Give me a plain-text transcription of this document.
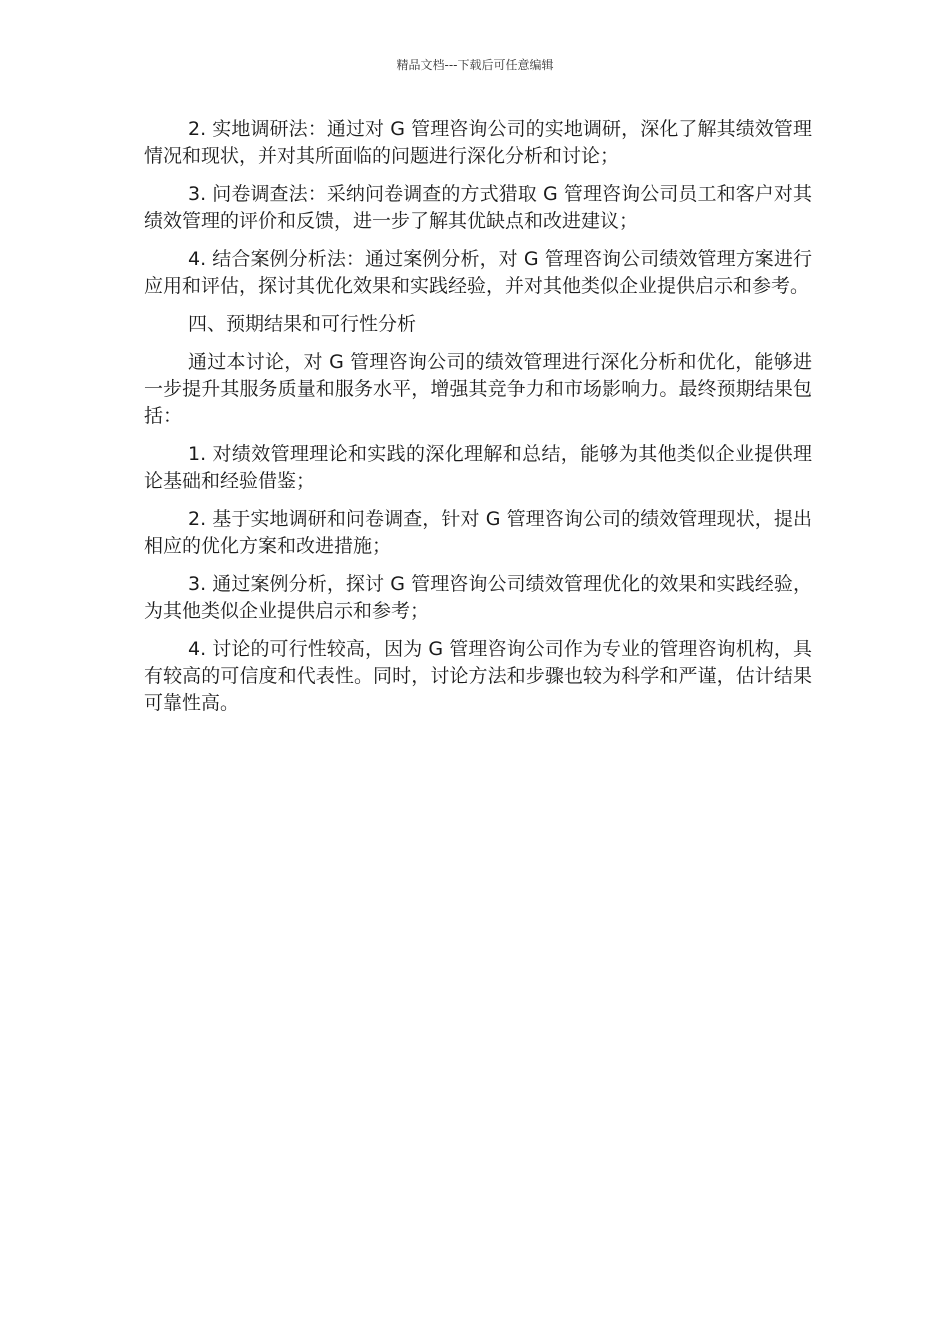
精品文档---下载后可任意编辑

2. 实地调研法：通过对 G 管理咨询公司的实地调研，深化了解其绩效管理情况和现状，并对其所面临的问题进行深化分析和讨论；

3. 问卷调查法：采纳问卷调查的方式猎取 G 管理咨询公司员工和客户对其绩效管理的评价和反馈，进一步了解其优缺点和改进建议；

4. 结合案例分析法：通过案例分析，对 G 管理咨询公司绩效管理方案进行应用和评估，探讨其优化效果和实践经验，并对其他类似企业提供启示和参考。

四、预期结果和可行性分析

通过本讨论，对 G 管理咨询公司的绩效管理进行深化分析和优化，能够进一步提升其服务质量和服务水平，增强其竞争力和市场影响力。最终预期结果包括：

1. 对绩效管理理论和实践的深化理解和总结，能够为其他类似企业提供理论基础和经验借鉴；

2. 基于实地调研和问卷调查，针对 G 管理咨询公司的绩效管理现状，提出相应的优化方案和改进措施；

3. 通过案例分析，探讨 G 管理咨询公司绩效管理优化的效果和实践经验，为其他类似企业提供启示和参考；

4. 讨论的可行性较高，因为 G 管理咨询公司作为专业的管理咨询机构，具有较高的可信度和代表性。同时，讨论方法和步骤也较为科学和严谨，估计结果可靠性高。
